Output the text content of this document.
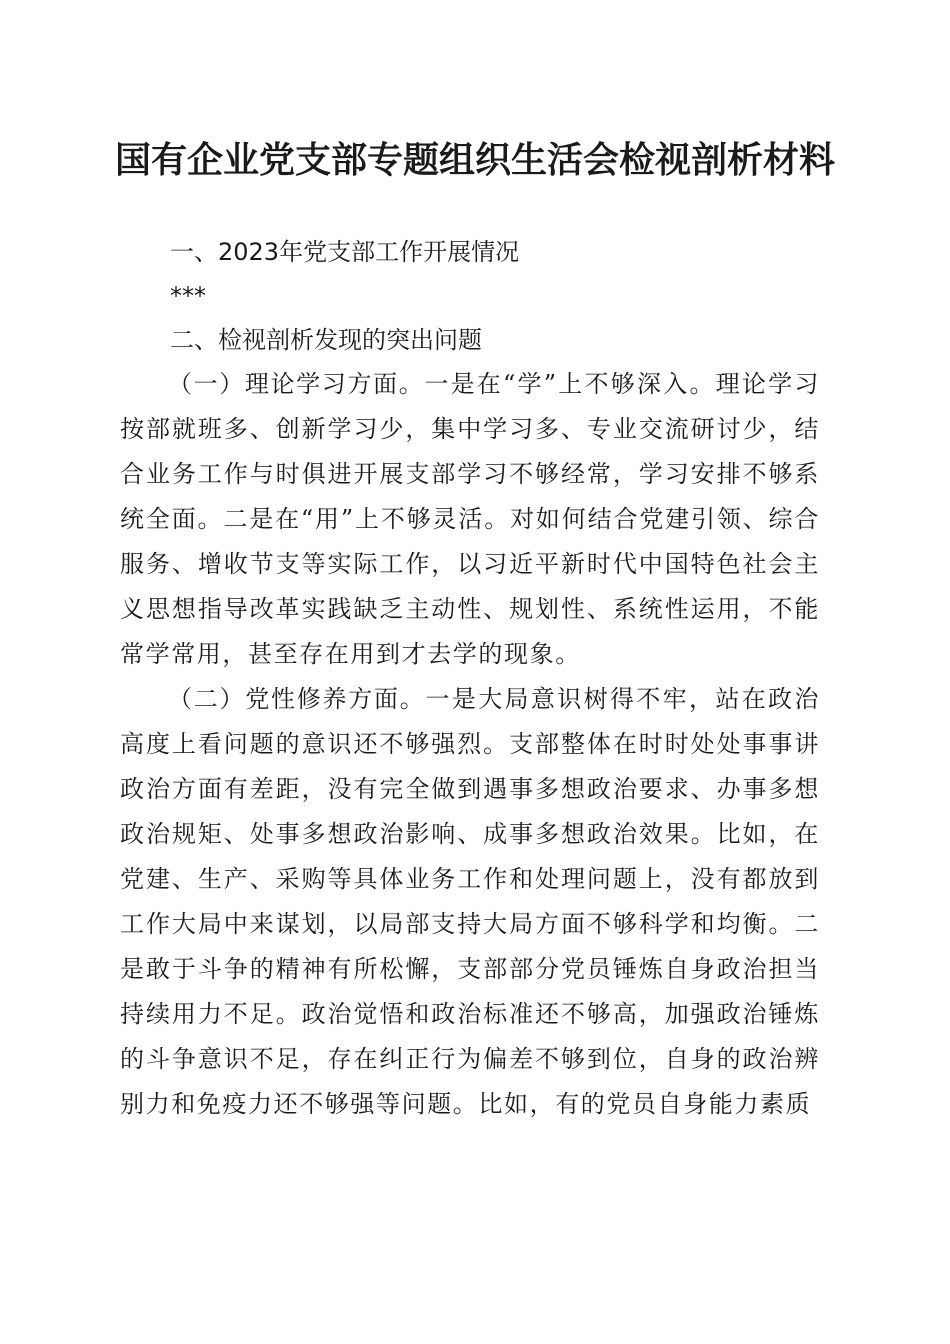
国有企业党支部专题组织生活会检视剖析材料

一、2023年党支部工作开展情况

***

二、检视剖析发现的突出问题

（一）理论学习方面。一是在“学”上不够深入。理论学习按部就班多、创新学习少，集中学习多、专业交流研讨少，结合业务工作与时俱进开展支部学习不够经常，学习安排不够系统全面。二是在“用”上不够灵活。对如何结合党建引领、综合服务、增收节支等实际工作，以习近平新时代中国特色社会主义思想指导改革实践缺乏主动性、规划性、系统性运用，不能常学常用，甚至存在用到才去学的现象。

（二）党性修养方面。一是大局意识树得不牢，站在政治高度上看问题的意识还不够强烈。支部整体在时时处处事事讲政治方面有差距，没有完全做到遇事多想政治要求、办事多想政治规矩、处事多想政治影响、成事多想政治效果。比如，在党建、生产、采购等具体业务工作和处理问题上，没有都放到工作大局中来谋划，以局部支持大局方面不够科学和均衡。二是敢于斗争的精神有所松懈，支部部分党员锤炼自身政治担当持续用力不足。政治觉悟和政治标准还不够高，加强政治锤炼的斗争意识不足，存在纠正行为偏差不够到位，自身的政治辨别力和免疫力还不够强等问题。比如，有的党员自身能力素质
